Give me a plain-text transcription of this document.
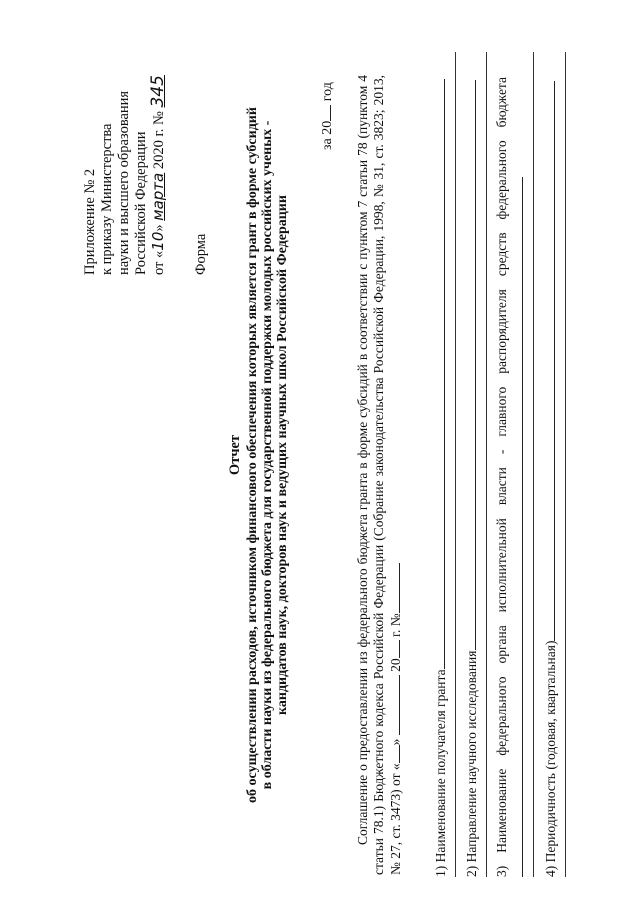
Приложение № 2 к приказу Министерства науки и высшего образования Российской Федерации от «10» марта 2020 г. № 345
Форма
Отчет об осуществлении расходов, источником финансового обеспечения которых является грант в форме субсидий в области науки из федерального бюджета для государственной поддержки молодых российских ученых - кандидатов наук, докторов наук и ведущих научных школ Российской Федерации
за 20 год Соглашение о предоставлении из федерального бюджета гранта в форме субсидий в соответствии с пунктом 7 статьи 78 (пунктом 4 статьи 78.1) Бюджетного кодекса Российской Федерации (Собрание законодательства Российской Федерации, 1998, № 31, ст. 3823; 2013, № 27, ст. 3473) от «»  20 г. №
1) Наименование получателя гранта 2) Направление научного исследования 3) Наименование федерального органа исполнительной власти - главного распорядителя средств федерального бюджета	4) Периодичность (годовая, квартальная)
